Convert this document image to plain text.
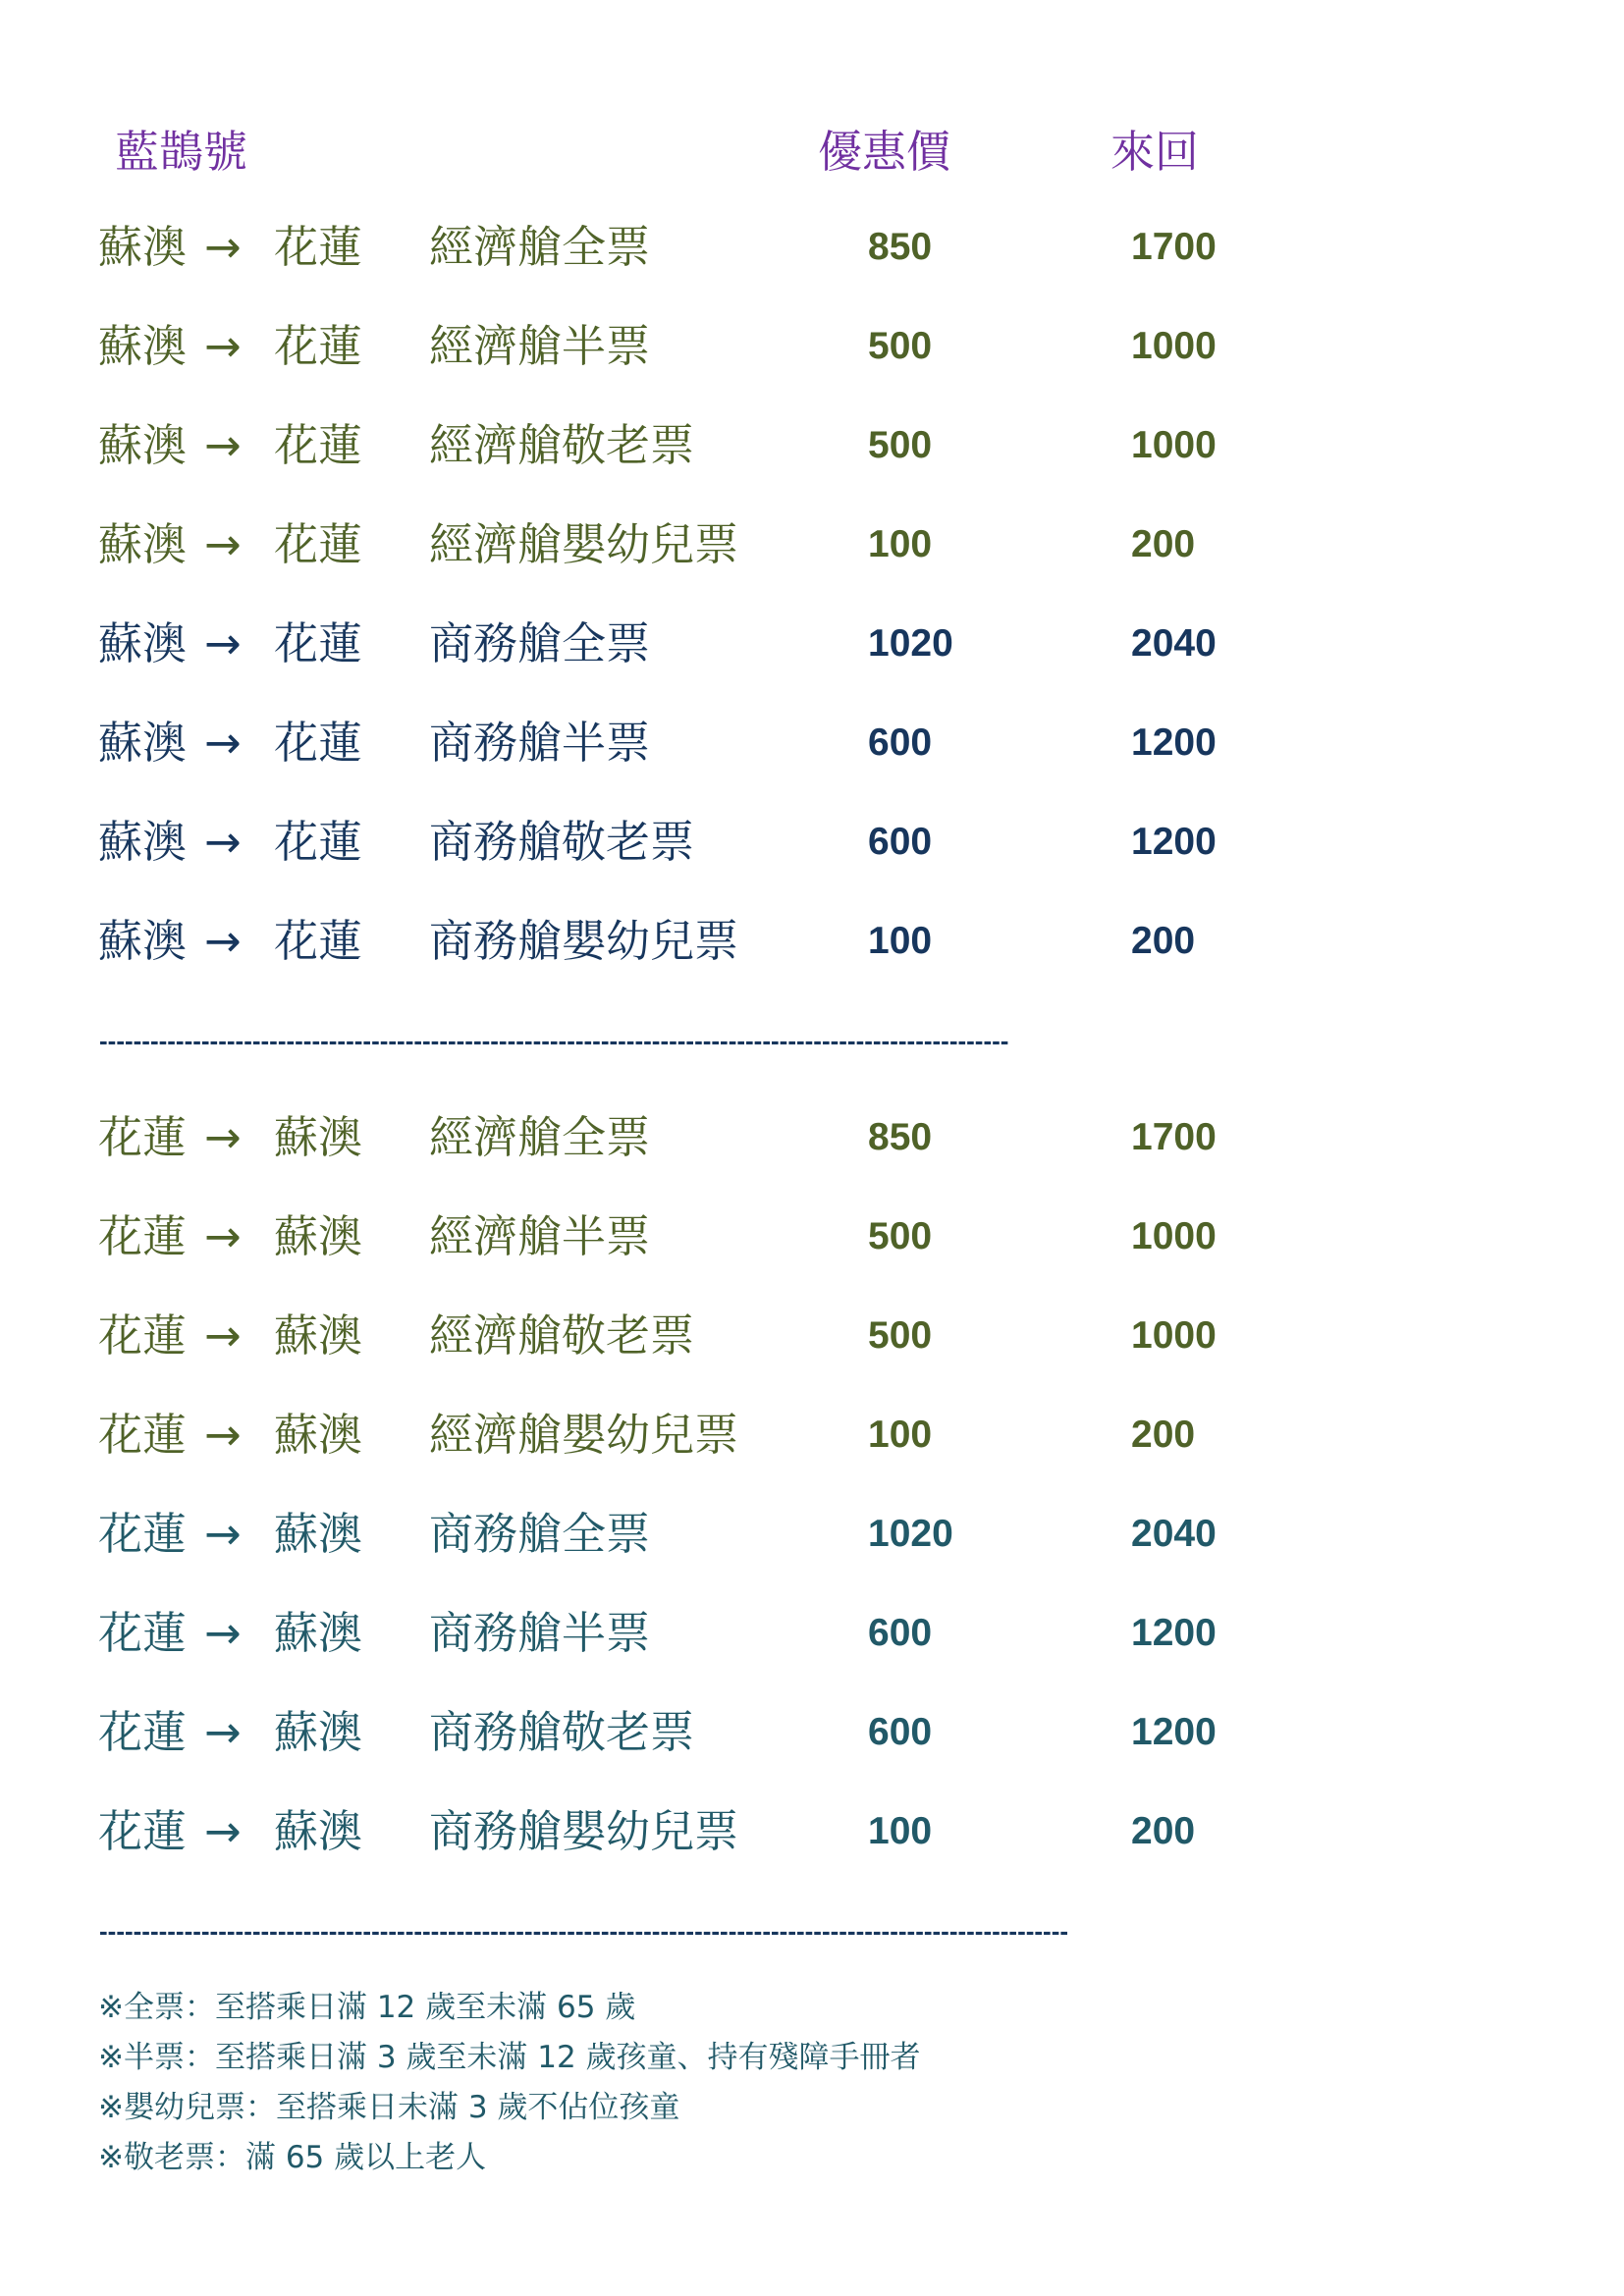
藍鵲號	優惠價	來回
蘇澳 → 花蓮 經濟艙全票	850	1700
蘇澳 → 花蓮 經濟艙半票	500	1000
蘇澳 → 花蓮 經濟艙敬老票	500	1000
蘇澳 → 花蓮 經濟艙嬰幼兒票	100	200
蘇澳 → 花蓮 商務艙全票	1020	2040
蘇澳 → 花蓮 商務艙半票	600	1200
蘇澳 → 花蓮 商務艙敬老票	600	1200
蘇澳 → 花蓮 商務艙嬰幼兒票	100	200
-----------------------------------------------------------------------------------------------------------
花蓮 → 蘇澳 經濟艙全票	850	1700
花蓮 → 蘇澳 經濟艙半票	500	1000
花蓮 → 蘇澳 經濟艙敬老票	500	1000
花蓮 → 蘇澳 經濟艙嬰幼兒票	100	200
花蓮 → 蘇澳 商務艙全票	1020	2040
花蓮 → 蘇澳 商務艙半票	600	1200
花蓮 → 蘇澳 商務艙敬老票	600	1200
花蓮 → 蘇澳 商務艙嬰幼兒票	100	200
------------------------------------------------------------------------------------------------------------------
※全票：至搭乘日滿 12 歲至未滿 65 歲
※半票：至搭乘日滿 3 歲至未滿 12 歲孩童、持有殘障手冊者
※嬰幼兒票：至搭乘日未滿 3 歲不佔位孩童
※敬老票：滿 65 歲以上老人
